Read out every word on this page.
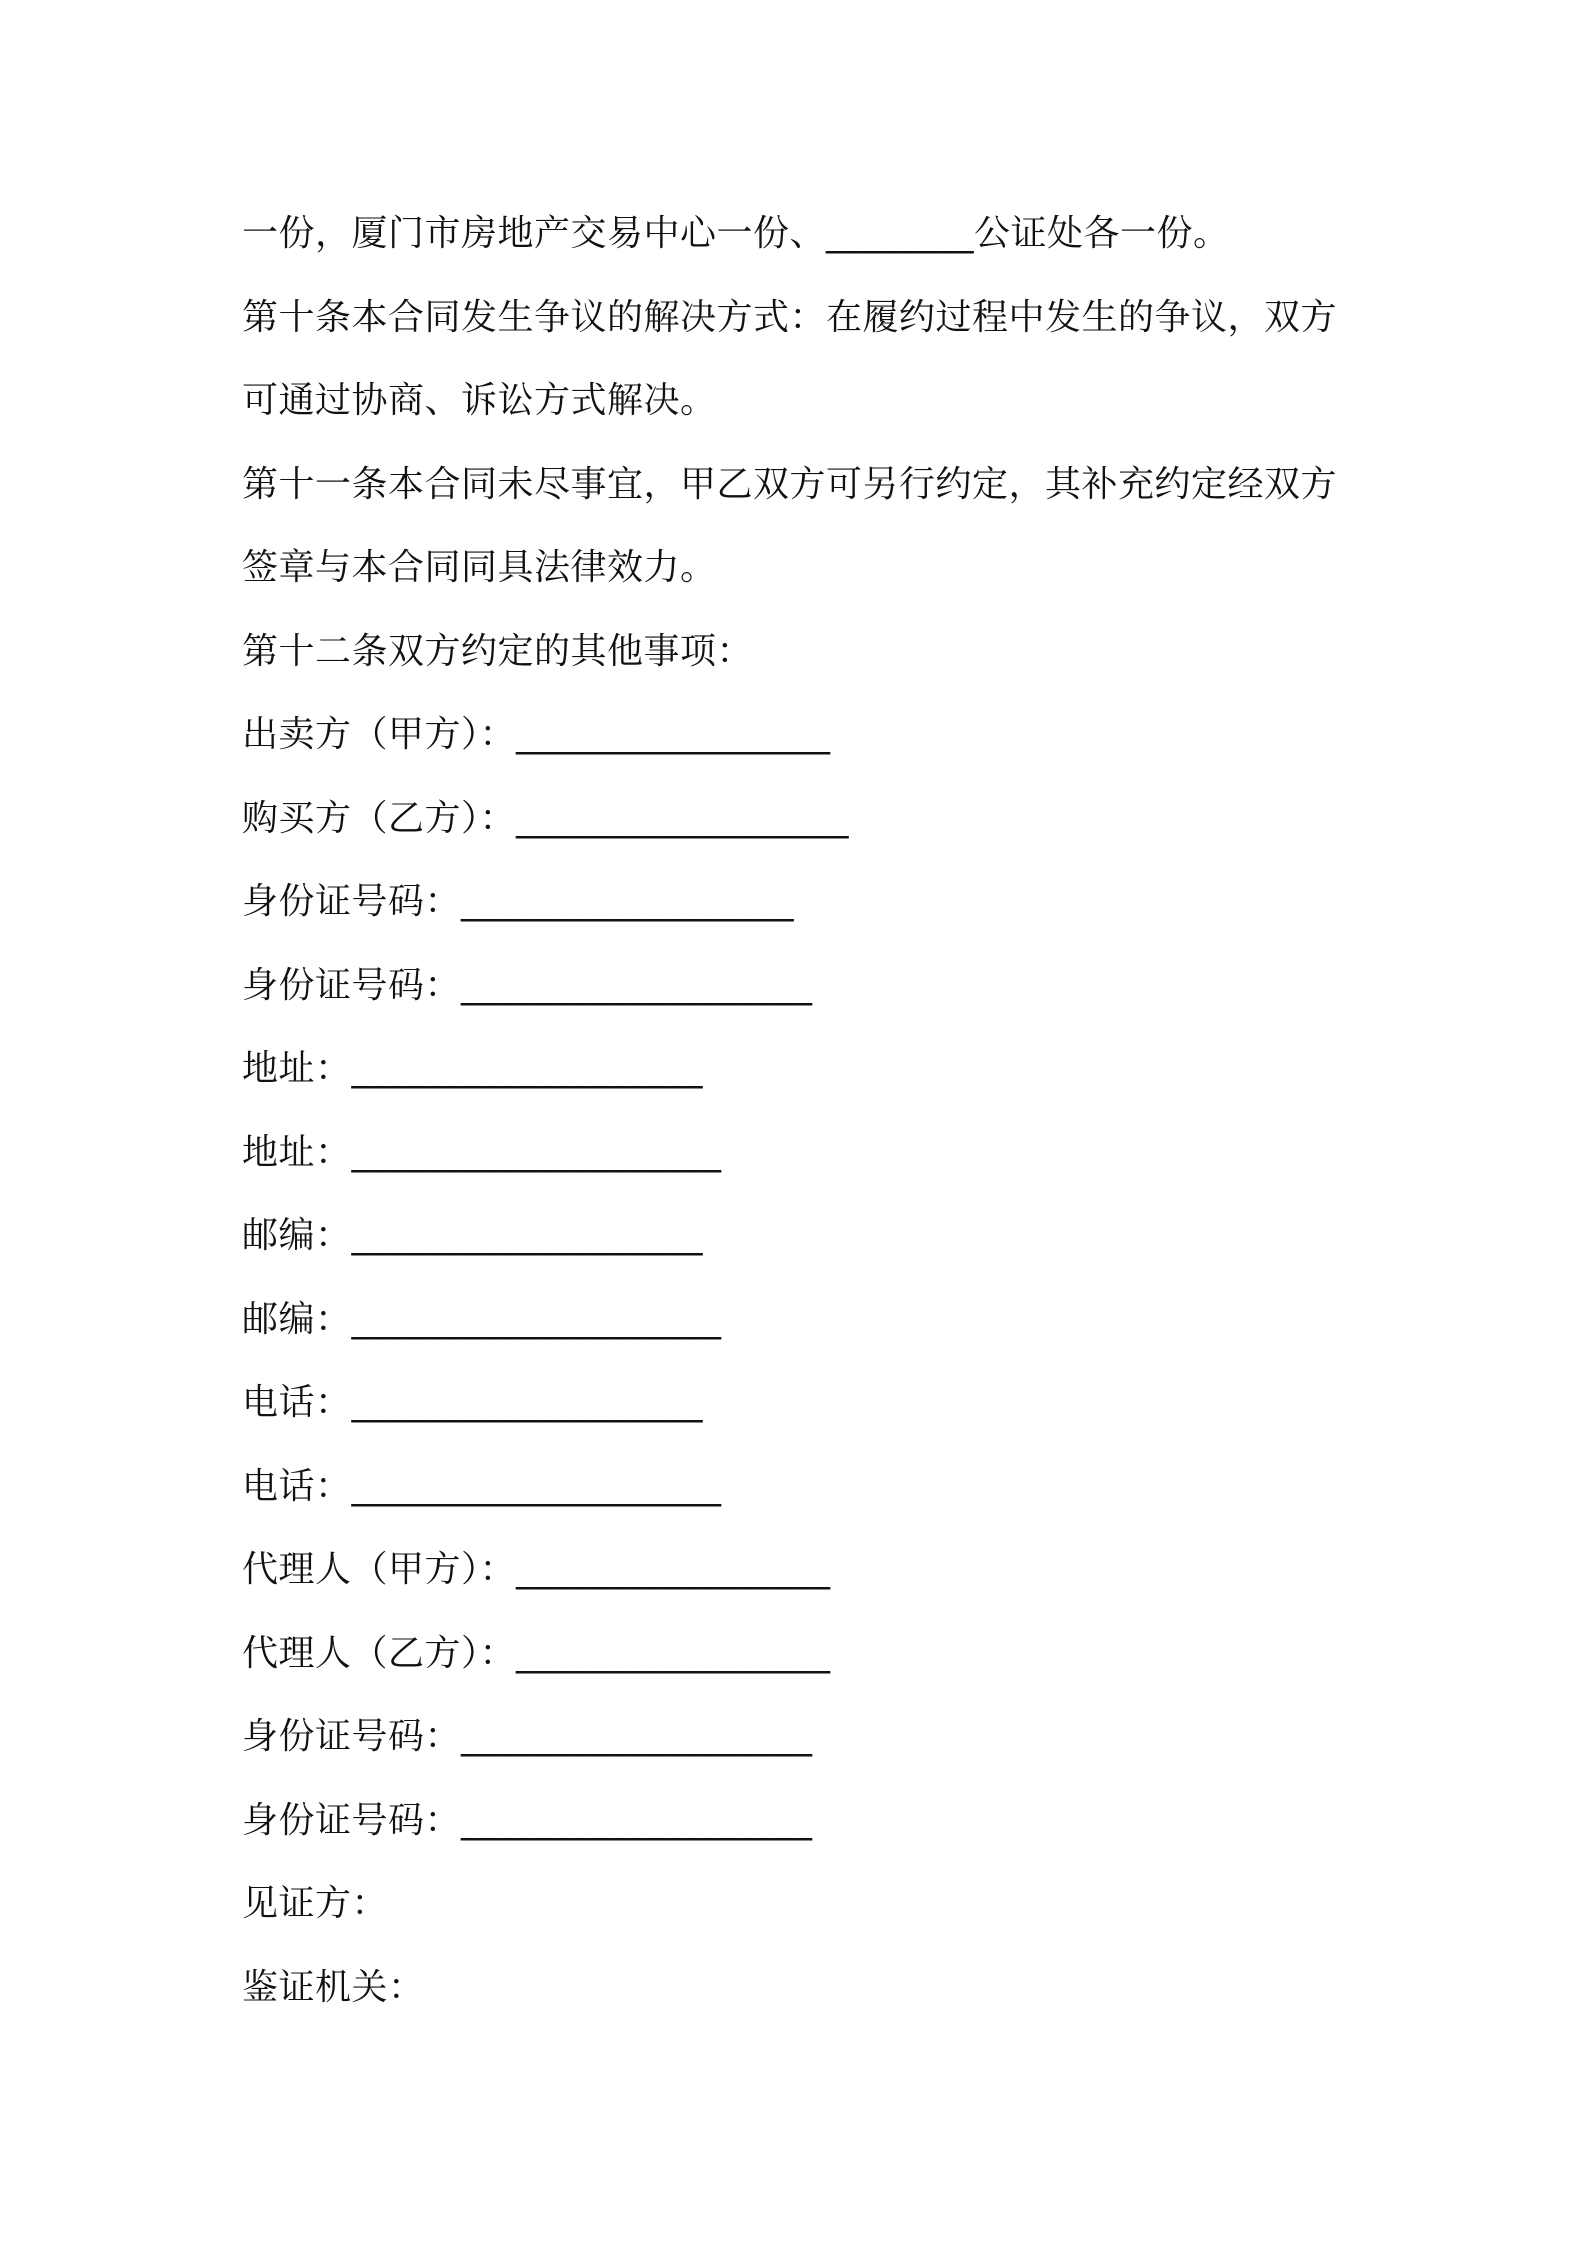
一份，厦门市房地产交易中心一份、________公证处各一份。
第十条本合同发生争议的解决方式：在履约过程中发生的争议，双方
可通过协商、诉讼方式解决。
第十一条本合同未尽事宜，甲乙双方可另行约定，其补充约定经双方
签章与本合同同具法律效力。
第十二条双方约定的其他事项：
出卖方（甲方）：_________________
购买方（乙方）：__________________
身份证号码：__________________
身份证号码：___________________
地址：___________________
地址：____________________
邮编：___________________
邮编：____________________
电话：___________________
电话：____________________
代理人（甲方）：_________________
代理人（乙方）：_________________
身份证号码：___________________
身份证号码：___________________
见证方：
鉴证机关：
